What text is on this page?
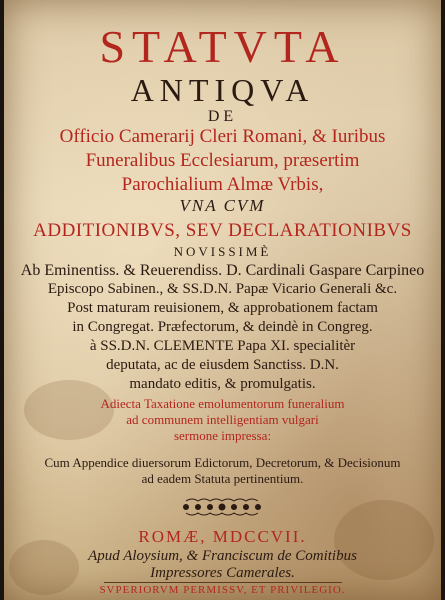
STATVTA
ANTIQVA
DE
Officio Camerarij Cleri Romani, & Iuribus
Funeralibus Ecclesiarum, præsertim
Parochialium Almæ Vrbis,
VNA CVM
ADDITIONIBVS, SEV DECLARATIONIBVS
NOVISSIMÈ
Ab Eminentiss. & Reuerendiss. D. Cardinali Gaspare Carpineo
Episcopo Sabinen., & SS.D.N. Papæ Vicario Generali &c.
Post maturam reuisionem, & approbationem factam
in Congregat. Præfectorum, & deindè in Congreg.
à SS.D.N. CLEMENTE Papa XI. specialitèr
deputata, ac de eiusdem Sanctiss. D.N.
mandato editis, & promulgatis.
Adiecta Taxatione emolumentorum funeralium
ad communem intelligentiam vulgari
sermone impressa:
Cum Appendice diuersorum Edictorum, Decretorum, & Decisionum
ad eadem Statuta pertinentium.
ROMÆ, MDCCVII.
Apud Aloysium, & Franciscum de Comitibus
Impressores Camerales.
SVPERIORVM PERMISSV, ET PRIVILEGIO.
